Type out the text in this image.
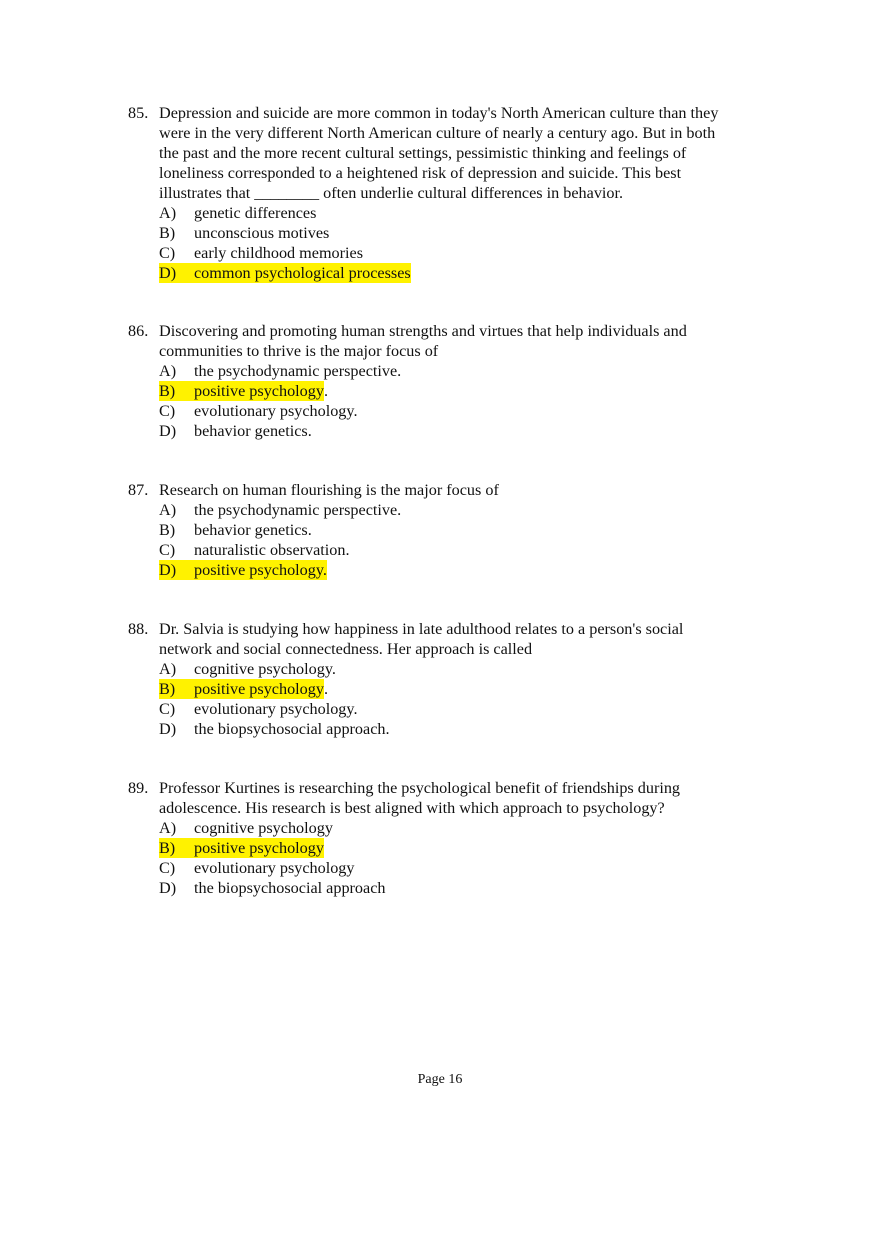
85. Depression and suicide are more common in today's North American culture than they
were in the very different North American culture of nearly a century ago. But in both
the past and the more recent cultural settings, pessimistic thinking and feelings of
loneliness corresponded to a heightened risk of depression and suicide. This best
illustrates that ________ often underlie cultural differences in behavior.
A)	genetic differences
B)	unconscious motives
C)	early childhood memories
D)	common psychological processes
86. Discovering and promoting human strengths and virtues that help individuals and
communities to thrive is the major focus of
A)	the psychodynamic perspective.
B)	positive psychology .
C)	evolutionary psychology.
D)	behavior genetics.
87. Research on human flourishing is the major focus of
A)	the psychodynamic perspective.
B)	behavior genetics.
C)	naturalistic observation.
D)	positive psychology.
88. Dr. Salvia is studying how happiness in late adulthood relates to a person's social
network and social connectedness. Her approach is called
A)	cognitive psychology.
B)	positive psychology .
C)	evolutionary psychology.
D)	the biopsychosocial approach.
89. Professor Kurtines is researching the psychological benefit of friendships during
adolescence. His research is best aligned with which approach to psychology?
A)	cognitive psychology
B)	positive psychology
C)	evolutionary psychology
D)	the biopsychosocial approach
Page 16
